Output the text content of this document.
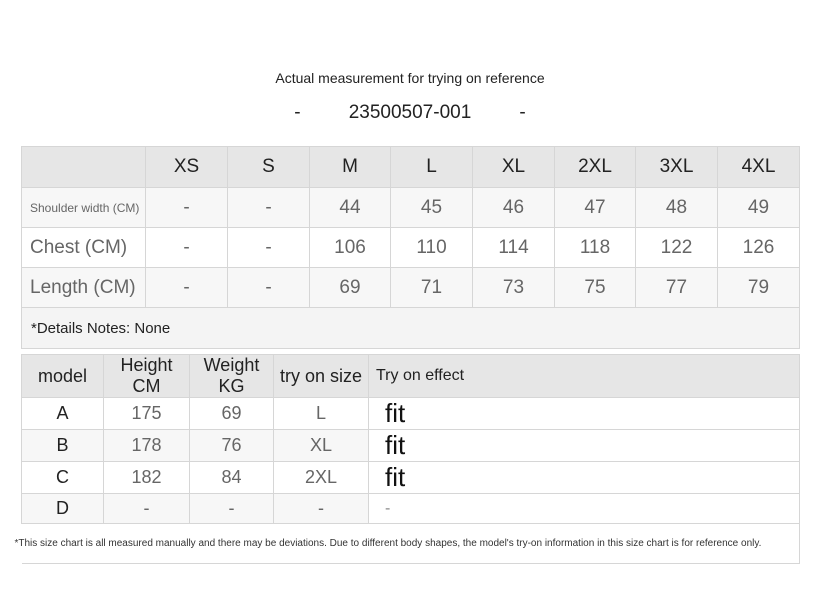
Actual measurement for trying on reference
-	23500507-001	-
	XS	S	M	L	XL	2XL	3XL	4XL
Shoulder width (CM)	-	-	44	45	46	47	48	49
Chest (CM)	-	-	106	110	114	118	122	126
Length (CM)	-	-	69	71	73	75	77	79
*Details Notes: None								
model	Height CM	Weight KG	try on size	Try on effect
A	175	69	L	fit
B	178	76	XL	fit
C	182	84	2XL	fit
D	-	-	-	-
*This size chart is all measured manually and there may be deviations. Due to different body shapes, the model's try-on information in this size chart is for reference only.				
